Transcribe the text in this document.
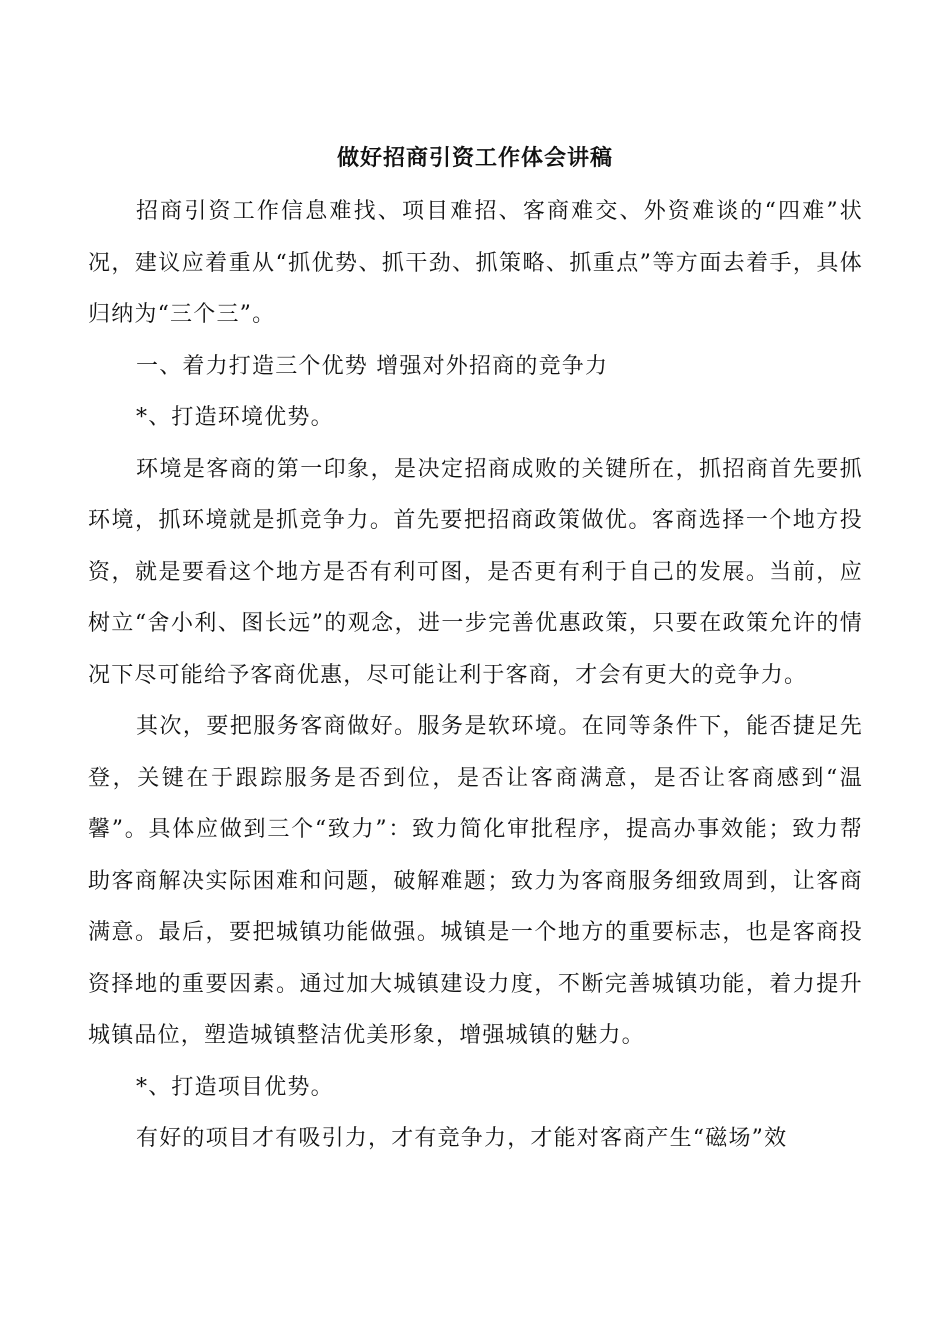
做好招商引资工作体会讲稿

招商引资工作信息难找、项目难招、客商难交、外资难谈的“四难”状况，建议应着重从“抓优势、抓干劲、抓策略、抓重点”等方面去着手，具体归纳为“三个三”。

一、着力打造三个优势 增强对外招商的竞争力

*、打造环境优势。

环境是客商的第一印象，是决定招商成败的关键所在，抓招商首先要抓环境，抓环境就是抓竞争力。首先要把招商政策做优。客商选择一个地方投资，就是要看这个地方是否有利可图，是否更有利于自己的发展。当前，应树立“舍小利、图长远”的观念，进一步完善优惠政策，只要在政策允许的情况下尽可能给予客商优惠，尽可能让利于客商，才会有更大的竞争力。

其次，要把服务客商做好。服务是软环境。在同等条件下，能否捷足先登，关键在于跟踪服务是否到位，是否让客商满意，是否让客商感到“温馨”。具体应做到三个“致力”：致力简化审批程序，提高办事效能；致力帮助客商解决实际困难和问题，破解难题；致力为客商服务细致周到，让客商满意。最后，要把城镇功能做强。城镇是一个地方的重要标志，也是客商投资择地的重要因素。通过加大城镇建设力度，不断完善城镇功能，着力提升城镇品位，塑造城镇整洁优美形象，增强城镇的魅力。

*、打造项目优势。

有好的项目才有吸引力，才有竞争力，才能对客商产生“磁场”效
